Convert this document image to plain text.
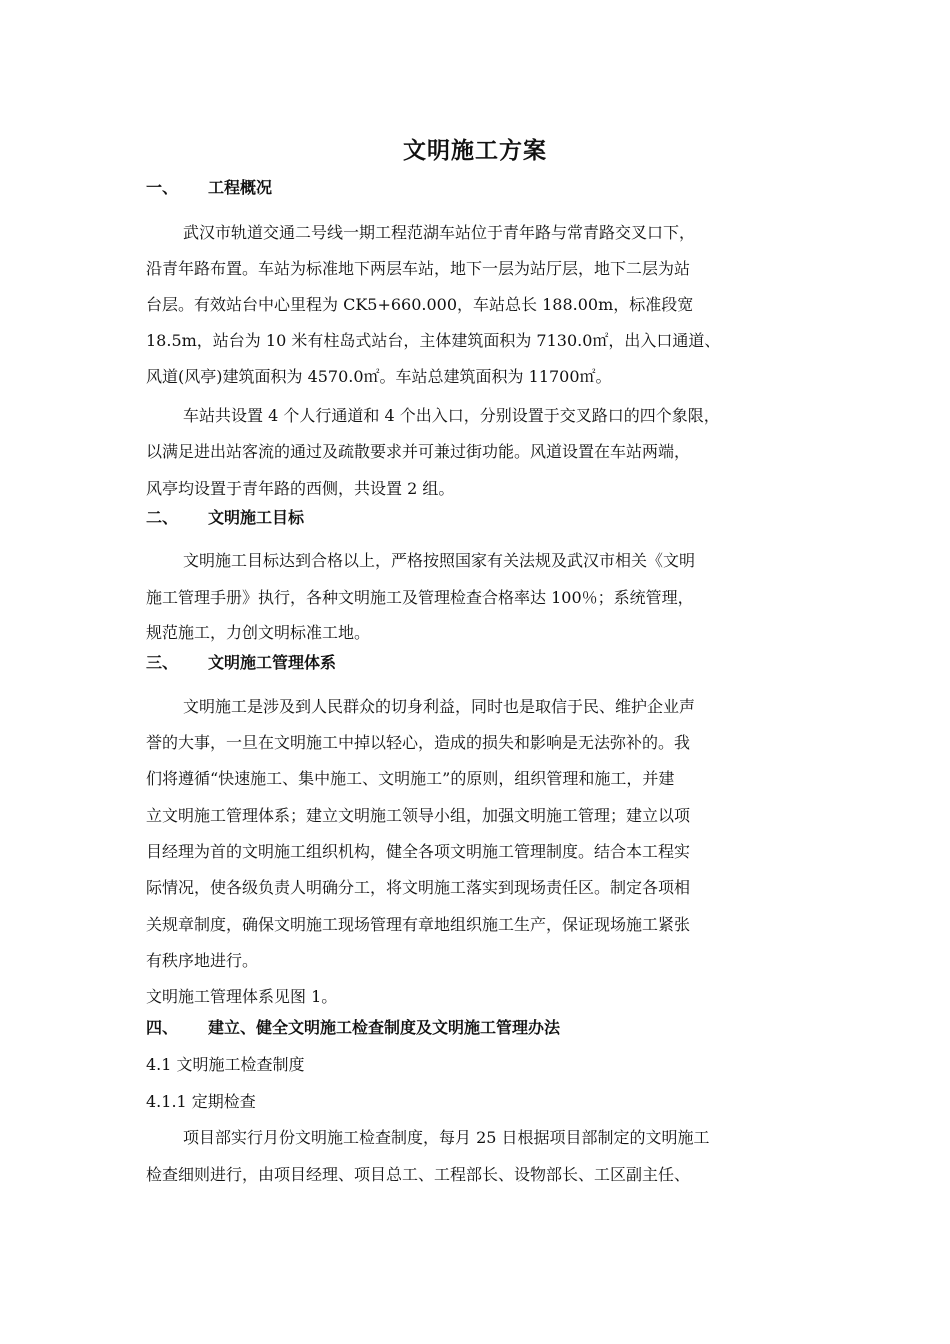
文明施工方案
一、 工程概况
武汉市轨道交通二号线一期工程范湖车站位于青年路与常青路交叉口下，
沿青年路布置。车站为标准地下两层车站，地下一层为站厅层，地下二层为站
台层。有效站台中心里程为 CK5+660.000，车站总长 188.00m，标准段宽
18.5m，站台为 10 米有柱岛式站台，主体建筑面积为 7130.0㎡，出入口通道、
风道(风亭)建筑面积为 4570.0㎡。车站总建筑面积为 11700㎡。
车站共设置 4 个人行通道和 4 个出入口，分别设置于交叉路口的四个象限，
以满足进出站客流的通过及疏散要求并可兼过街功能。风道设置在车站两端，
风亭均设置于青年路的西侧，共设置 2 组。
二、 文明施工目标
文明施工目标达到合格以上，严格按照国家有关法规及武汉市相关《文明
施工管理手册》执行，各种文明施工及管理检查合格率达 100％；系统管理，
规范施工，力创文明标准工地。
三、 文明施工管理体系
文明施工是涉及到人民群众的切身利益，同时也是取信于民、维护企业声
誉的大事，一旦在文明施工中掉以轻心，造成的损失和影响是无法弥补的。我
们将遵循“快速施工、集中施工、文明施工”的原则，组织管理和施工，并建
立文明施工管理体系；建立文明施工领导小组，加强文明施工管理；建立以项
目经理为首的文明施工组织机构，健全各项文明施工管理制度。结合本工程实
际情况，使各级负责人明确分工，将文明施工落实到现场责任区。制定各项相
关规章制度，确保文明施工现场管理有章地组织施工生产，保证现场施工紧张
有秩序地进行。
文明施工管理体系见图 1。
四、 建立、健全文明施工检查制度及文明施工管理办法
4.1 文明施工检查制度
4.1.1 定期检查
项目部实行月份文明施工检查制度，每月 25 日根据项目部制定的文明施工
检查细则进行，由项目经理、项目总工、工程部长、设物部长、工区副主任、
